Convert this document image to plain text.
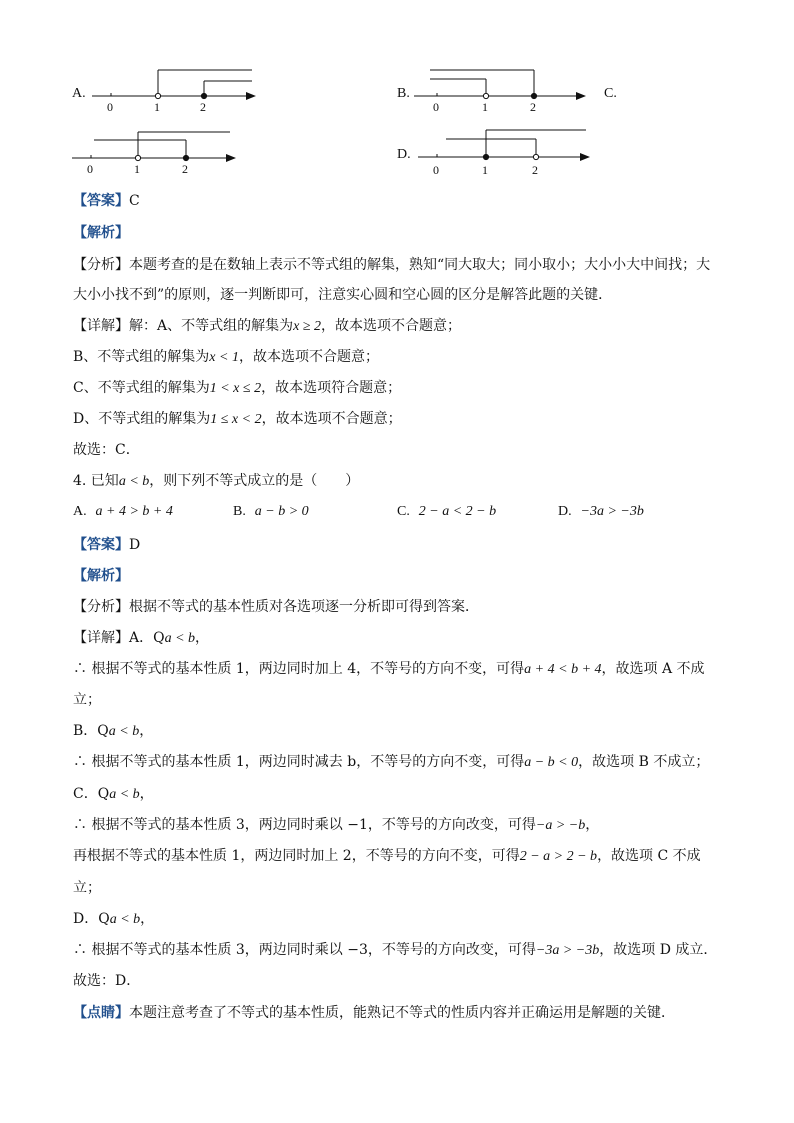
A.
0	1	2
B.
0	1	2
C.
0	1	2
D.
0	1	2
【答案】C
【解析】
【分析】本题考查的是在数轴上表示不等式组的解集，熟知“同大取大；同小取小；大小小大中间找；大
大小小找不到”的原则，逐一判断即可，注意实心圆和空心圆的区分是解答此题的关键．
【详解】解：A、不等式组的解集为x ≥ 2，故本选项不合题意；
B、不等式组的解集为x < 1，故本选项不合题意；
C、不等式组的解集为1 < x ≤ 2，故本选项符合题意；
D、不等式组的解集为1 ≤ x < 2，故本选项不合题意；
故选：C．
4. 已知a < b，则下列不等式成立的是（　　）
A. a + 4 > b + 4	B. a − b > 0	C. 2 − a < 2 − b	D. −3a > −3b
【答案】D
【解析】
【分析】根据不等式的基本性质对各选项逐一分析即可得到答案．
【详解】A．Qa < b，
∴ 根据不等式的基本性质 1，两边同时加上 4，不等号的方向不变，可得a + 4 < b + 4，故选项 A 不成
立；
B．Qa < b，
∴ 根据不等式的基本性质 1，两边同时减去 b，不等号的方向不变，可得a − b < 0，故选项 B 不成立；
C．Qa < b，
∴ 根据不等式的基本性质 3，两边同时乘以 −1，不等号的方向改变，可得−a > −b，
再根据不等式的基本性质 1，两边同时加上 2，不等号的方向不变，可得2 − a > 2 − b，故选项 C 不成
立；
D．Qa < b，
∴ 根据不等式的基本性质 3，两边同时乘以 −3，不等号的方向改变，可得−3a > −3b，故选项 D 成立．
故选：D．
【点睛】本题注意考查了不等式的基本性质，能熟记不等式的性质内容并正确运用是解题的关键．
